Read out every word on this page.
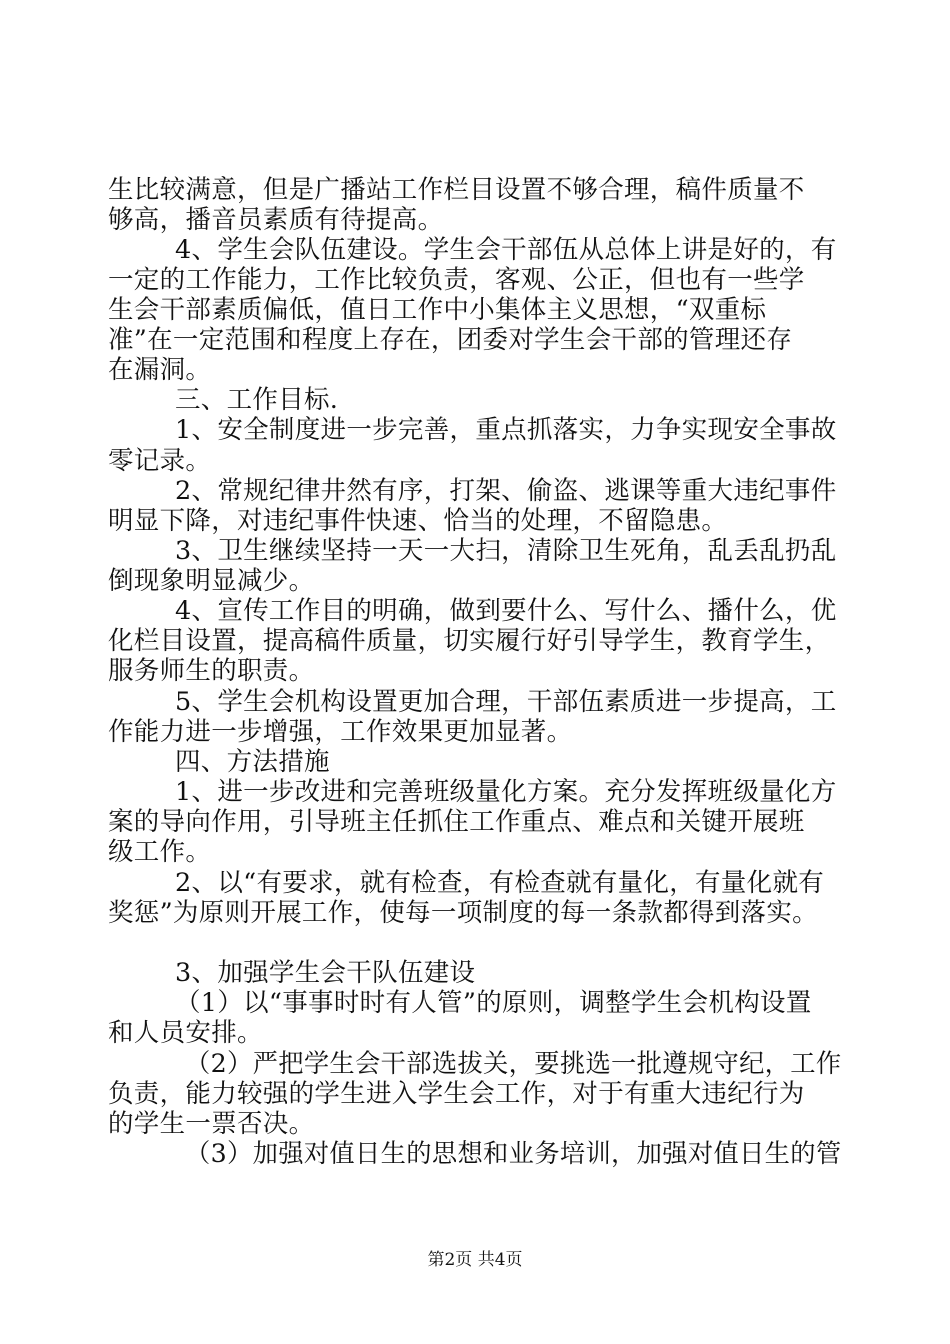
生比较满意，但是广播站工作栏目设置不够合理，稿件质量不
够高，播音员素质有待提高。
4、学生会队伍建设。学生会干部伍从总体上讲是好的，有
一定的工作能力，工作比较负责，客观、公正，但也有一些学
生会干部素质偏低，值日工作中小集体主义思想，“双重标
准”在一定范围和程度上存在，团委对学生会干部的管理还存
在漏洞。
三、工作目标.
1、安全制度进一步完善，重点抓落实，力争实现安全事故
零记录。
2、常规纪律井然有序，打架、偷盗、逃课等重大违纪事件
明显下降，对违纪事件快速、恰当的处理，不留隐患。
3、卫生继续坚持一天一大扫，清除卫生死角，乱丢乱扔乱
倒现象明显减少。
4、宣传工作目的明确，做到要什么、写什么、播什么，优
化栏目设置，提高稿件质量，切实履行好引导学生，教育学生，
服务师生的职责。
5、学生会机构设置更加合理，干部伍素质进一步提高，工
作能力进一步增强，工作效果更加显著。
四、方法措施
1、进一步改进和完善班级量化方案。充分发挥班级量化方
案的导向作用，引导班主任抓住工作重点、难点和关键开展班
级工作。
2、以“有要求，就有检查，有检查就有量化，有量化就有
奖惩”为原则开展工作，使每一项制度的每一条款都得到落实。
3、加强学生会干队伍建设
（1）以“事事时时有人管”的原则，调整学生会机构设置
和人员安排。
（2）严把学生会干部选拔关，要挑选一批遵规守纪，工作
负责，能力较强的学生进入学生会工作，对于有重大违纪行为
的学生一票否决。
（3）加强对值日生的思想和业务培训，加强对值日生的管
第2页 共4页
